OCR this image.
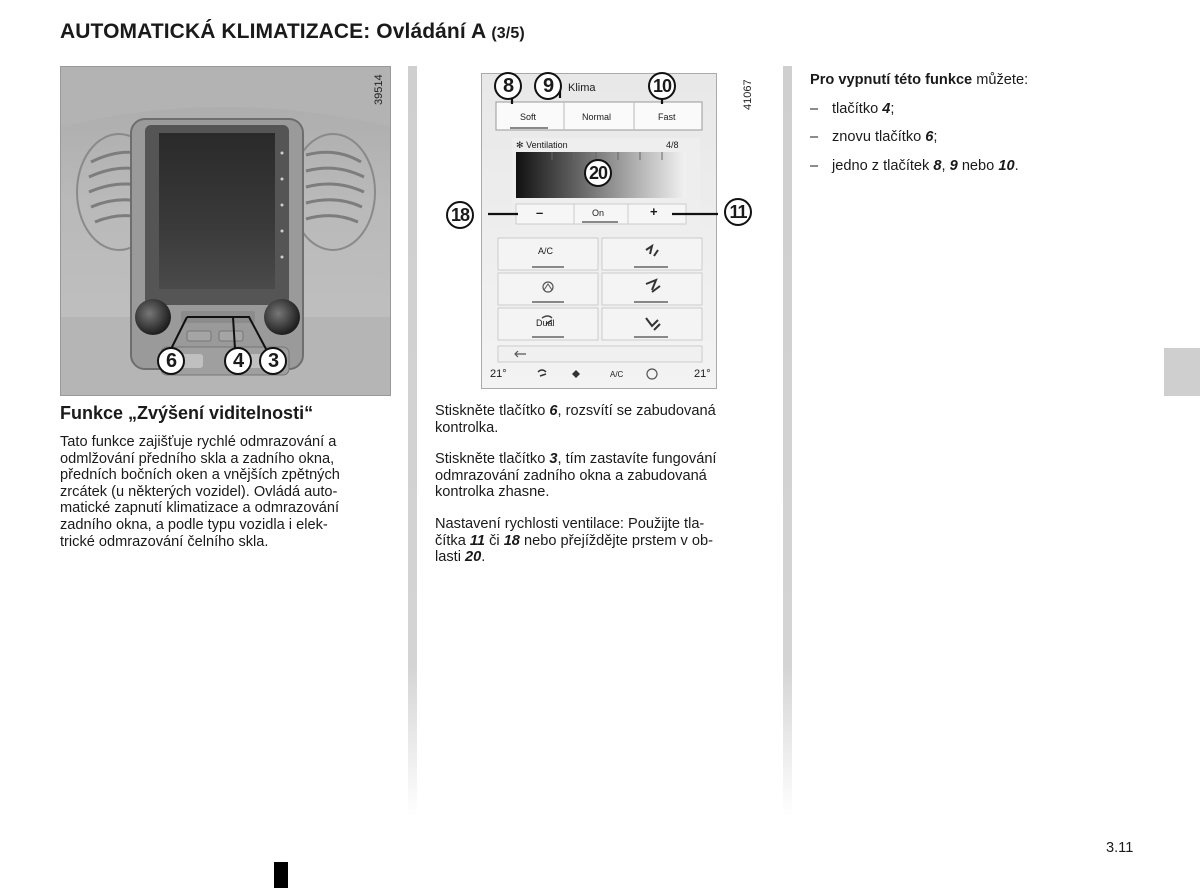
AUTOMATICKÁ KLIMATIZACE: Ovládání A (3/5)
39514
6	4	3
Klima
Soft	Normal	Fast
✻ Ventilation	4/8
–	On	+
A/C
Dual
21°	A/C	21°
41067
8	9	10
20
18	11
Funkce „Zvýšení viditelnosti“
Tato funkce zajišťuje rychlé odmrazování a
odmlžování předního skla a zadního okna,
předních bočních oken a vnějších zpětných
zrcátek (u některých vozidel). Ovládá auto-
matické zapnutí klimatizace a odmrazování
zadního okna, a podle typu vozidla i elek-
trické odmrazování čelního skla.
Stiskněte tlačítko 6, rozsvítí se zabudovaná
kontrolka.
Stiskněte tlačítko 3, tím zastavíte fungování
odmrazování zadního okna a zabudovaná
kontrolka zhasne.
Nastavení rychlosti ventilace: Použijte tla-
čítka 11 či 18 nebo přejíždějte prstem v ob-
lasti 20.
Pro vypnutí této funkce můžete:
– tlačítko 4;
– znovu tlačítko 6;
– jedno z tlačítek 8, 9 nebo 10.
3.11
